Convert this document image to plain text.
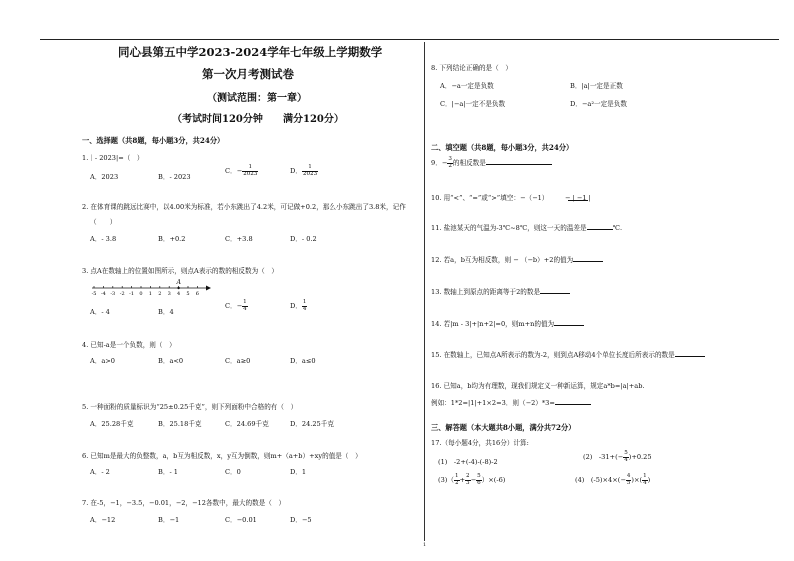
同心县第五中学2023-2024学年七年级上学期数学
第一次月考测试卷
（测试范围：第一章）
（考试时间120分钟 满分120分）
一、选择题（共8题，每小题3分，共24分）
1.｜- 2023|=（　）
A．2023	B．- 2023
C．− $\frac{1}{2023}$	D． $\frac{1}{2023}$
2. 在体育课的跳远比赛中，以4.00米为标准，若小东跳出了4.2米，可记做+0.2，那么小东跳出了3.8米，记作
（　　）
A．- 3.8	B．+0.2	C．+3.8	D．- 0.2
3. 点A在数轴上的位置如图所示，则点A表示的数的相反数为（　）
-5 -4 -3 -2 -1 0 1 2 3 4 5 6
A
A．- 4	B．4
C．− $\frac{1}{4}$	D． $\frac{1}{4}$
4. 已知-a是一个负数，则（　）
A．a>0	B．a<0	C．a≥0	D．a≤0
5. 一种面粉的质量标识为“25±0.25千克”，则下列面粉中合格的有（　）
A．25.28千克	B．25.18千克	C．24.69千克	D．24.25千克
6. 已知m是最大的负整数，a，b互为相反数，x，y互为倒数，则m+（a+b）+xy的值是（　）
A．- 2	B．- 1	C．0	D．1
7. 在-5，−1，−3.5，−0.01，−2，−12各数中，最大的数是（　）
A．−12	B．−1	C．−0.01	D．−5
8. 下列结论正确的是（　）
A．−a一定是负数	B．|a|一定是正数
C．|−a|一定不是负数	D．−a²一定是负数
二、填空题（共8题，每小题3分，共24分）
9．− $\frac{3}{2}$ 的相反数是
10. 用“<”、“=”或“>”填空：−（−1）　　　− | −1 |
11. 盐池某天的气温为-3℃~8℃，则这一天的温差是	℃.
12. 若a，b互为相反数，则 − （−b）+2的值为
13. 数轴上到原点的距离等于2的数是
14. 若|m - 3|+|n+2|=0，则m+n的值为
15. 在数轴上，已知点A所表示的数为-2，则到点A移动4个单位长度后所表示的数是
16. 已知a，b均为有理数，现我们规定义一种新运算，规定a*b=|a|+ab.
例如：1*2=|1|+1×2=3．则（−2）*3=
三、解答题（本大题共8小题，满分共72分）
17.（每小题4分，共16分）计算:
(1)　-2+(-4)-(-8)-2
(2)　$-31+(- \frac{5}{4} )+0.25$
$(3)( \frac{1}{2} + \frac{2}{3} - \frac{5}{6} )\times(-6)$	(4)　$(-5)\times 4\times(- \frac{4}{5}$ )×( $\frac{1}{4}$ )
1
